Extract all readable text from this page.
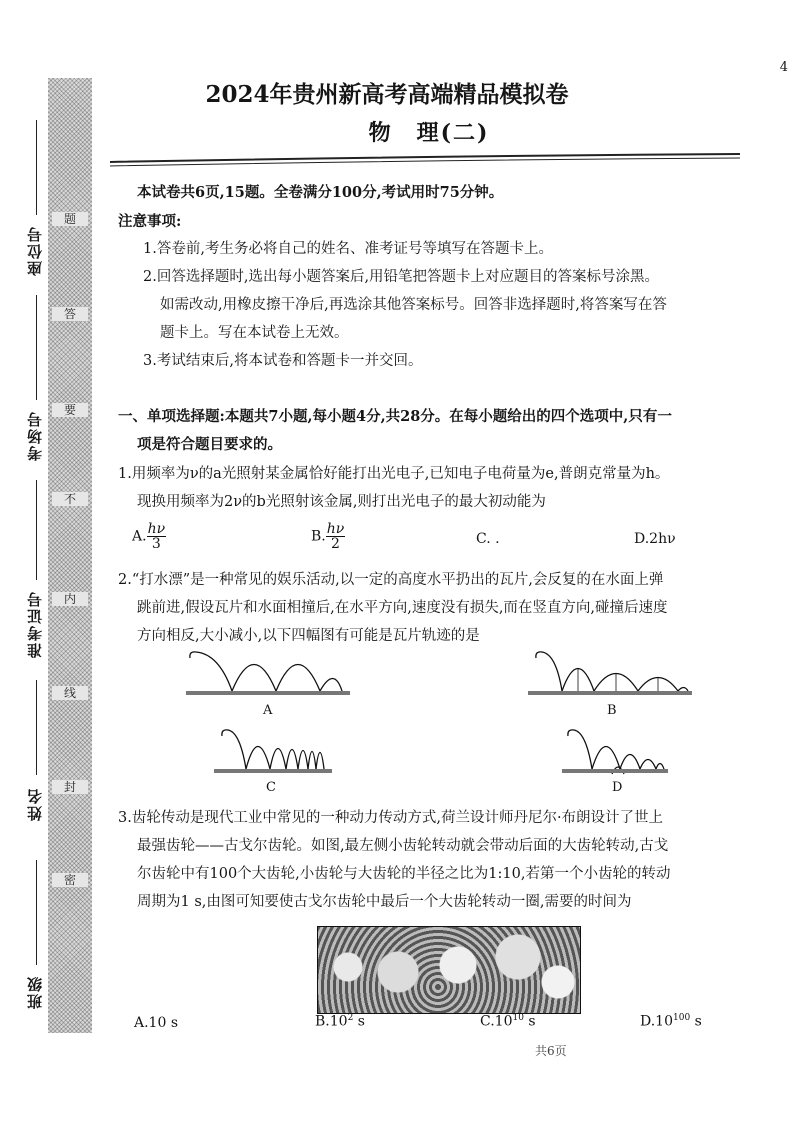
4
题
答
要
不
内
线
封
密
座位号
考场号
准考证号
姓名
班级
2024年贵州新高考高端精品模拟卷
物　理(二)
本试卷共6页,15题。全卷满分100分,考试用时75分钟。
注意事项:
1.答卷前,考生务必将自己的姓名、准考证号等填写在答题卡上。
2.回答选择题时,选出每小题答案后,用铅笔把答题卡上对应题目的答案标号涂黑。
如需改动,用橡皮擦干净后,再选涂其他答案标号。回答非选择题时,将答案写在答
题卡上。写在本试卷上无效。
3.考试结束后,将本试卷和答题卡一并交回。
一、单项选择题:本题共7小题,每小题4分,共28分。在每小题给出的四个选项中,只有一
项是符合题目要求的。
1.用频率为ν的a光照射某金属恰好能打出光电子,已知电子电荷量为e,普朗克常量为h。
现换用频率为2ν的b光照射该金属,则打出光电子的最大初动能为
A. $\frac{h\nu}{3}$	B. $\frac{h\nu}{2}$	C. .	D.2hν
2.“打水漂”是一种常见的娱乐活动,以一定的高度水平扔出的瓦片,会反复的在水面上弹
跳前进,假设瓦片和水面相撞后,在水平方向,速度没有损失,而在竖直方向,碰撞后速度
方向相反,大小减小,以下四幅图有可能是瓦片轨迹的是
A	B
C	D
3.齿轮传动是现代工业中常见的一种动力传动方式,荷兰设计师丹尼尔·布朗设计了世上
最强齿轮——古戈尔齿轮。如图,最左侧小齿轮转动就会带动后面的大齿轮转动,古戈
尔齿轮中有100个大齿轮,小齿轮与大齿轮的半径之比为1:10,若第一个小齿轮的转动
周期为1 s,由图可知要使古戈尔齿轮中最后一个大齿轮转动一圈,需要的时间为
A.10 s	$B.10^2$ s	$C.10^{10}$ s	$D.10^{100}$ s
共6页
